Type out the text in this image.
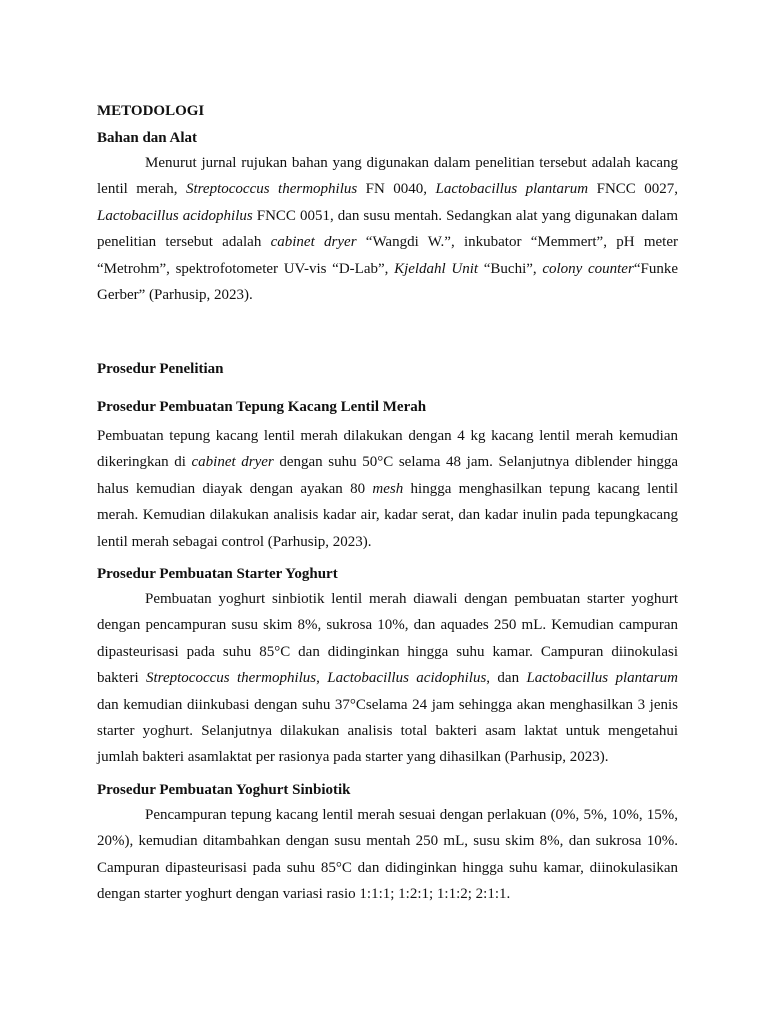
METODOLOGI
Bahan dan Alat

Menurut jurnal rujukan bahan yang digunakan dalam penelitian tersebut adalah kacang lentil merah, Streptococcus thermophilus FN 0040, Lactobacillus plantarum FNCC 0027, Lactobacillus acidophilus FNCC 0051, dan susu mentah. Sedangkan alat yang digunakan dalam penelitian tersebut adalah cabinet dryer “Wangdi W.”, inkubator “Memmert”, pH meter “Metrohm”, spektrofotometer UV-vis “D-Lab”, Kjeldahl Unit “Buchi”, colony counter“Funke Gerber” (Parhusip, 2023).

Prosedur Penelitian
Prosedur Pembuatan Tepung Kacang Lentil Merah

Pembuatan tepung kacang lentil merah dilakukan dengan 4 kg kacang lentil merah kemudian dikeringkan di cabinet dryer dengan suhu 50°C selama 48 jam. Selanjutnya diblender hingga halus kemudian diayak dengan ayakan 80 mesh hingga menghasilkan tepung kacang lentil merah. Kemudian dilakukan analisis kadar air, kadar serat, dan kadar inulin pada tepungkacang lentil merah sebagai control (Parhusip, 2023).

Prosedur Pembuatan Starter Yoghurt

Pembuatan yoghurt sinbiotik lentil merah diawali dengan pembuatan starter yoghurt dengan pencampuran susu skim 8%, sukrosa 10%, dan aquades 250 mL. Kemudian campuran dipasteurisasi pada suhu 85°C dan didinginkan hingga suhu kamar. Campuran diinokulasi bakteri Streptococcus thermophilus, Lactobacillus acidophilus, dan Lactobacillus plantarum dan kemudian diinkubasi dengan suhu 37°Cselama 24 jam sehingga akan menghasilkan 3 jenis starter yoghurt. Selanjutnya dilakukan analisis total bakteri asam laktat untuk mengetahui jumlah bakteri asamlaktat per rasionya pada starter yang dihasilkan (Parhusip, 2023).

Prosedur Pembuatan Yoghurt Sinbiotik

Pencampuran tepung kacang lentil merah sesuai dengan perlakuan (0%, 5%, 10%, 15%, 20%), kemudian ditambahkan dengan susu mentah 250 mL, susu skim 8%, dan sukrosa 10%. Campuran dipasteurisasi pada suhu 85°C dan didinginkan hingga suhu kamar, diinokulasikan dengan starter yoghurt dengan variasi rasio 1:1:1; 1:2:1; 1:1:2; 2:1:1.
